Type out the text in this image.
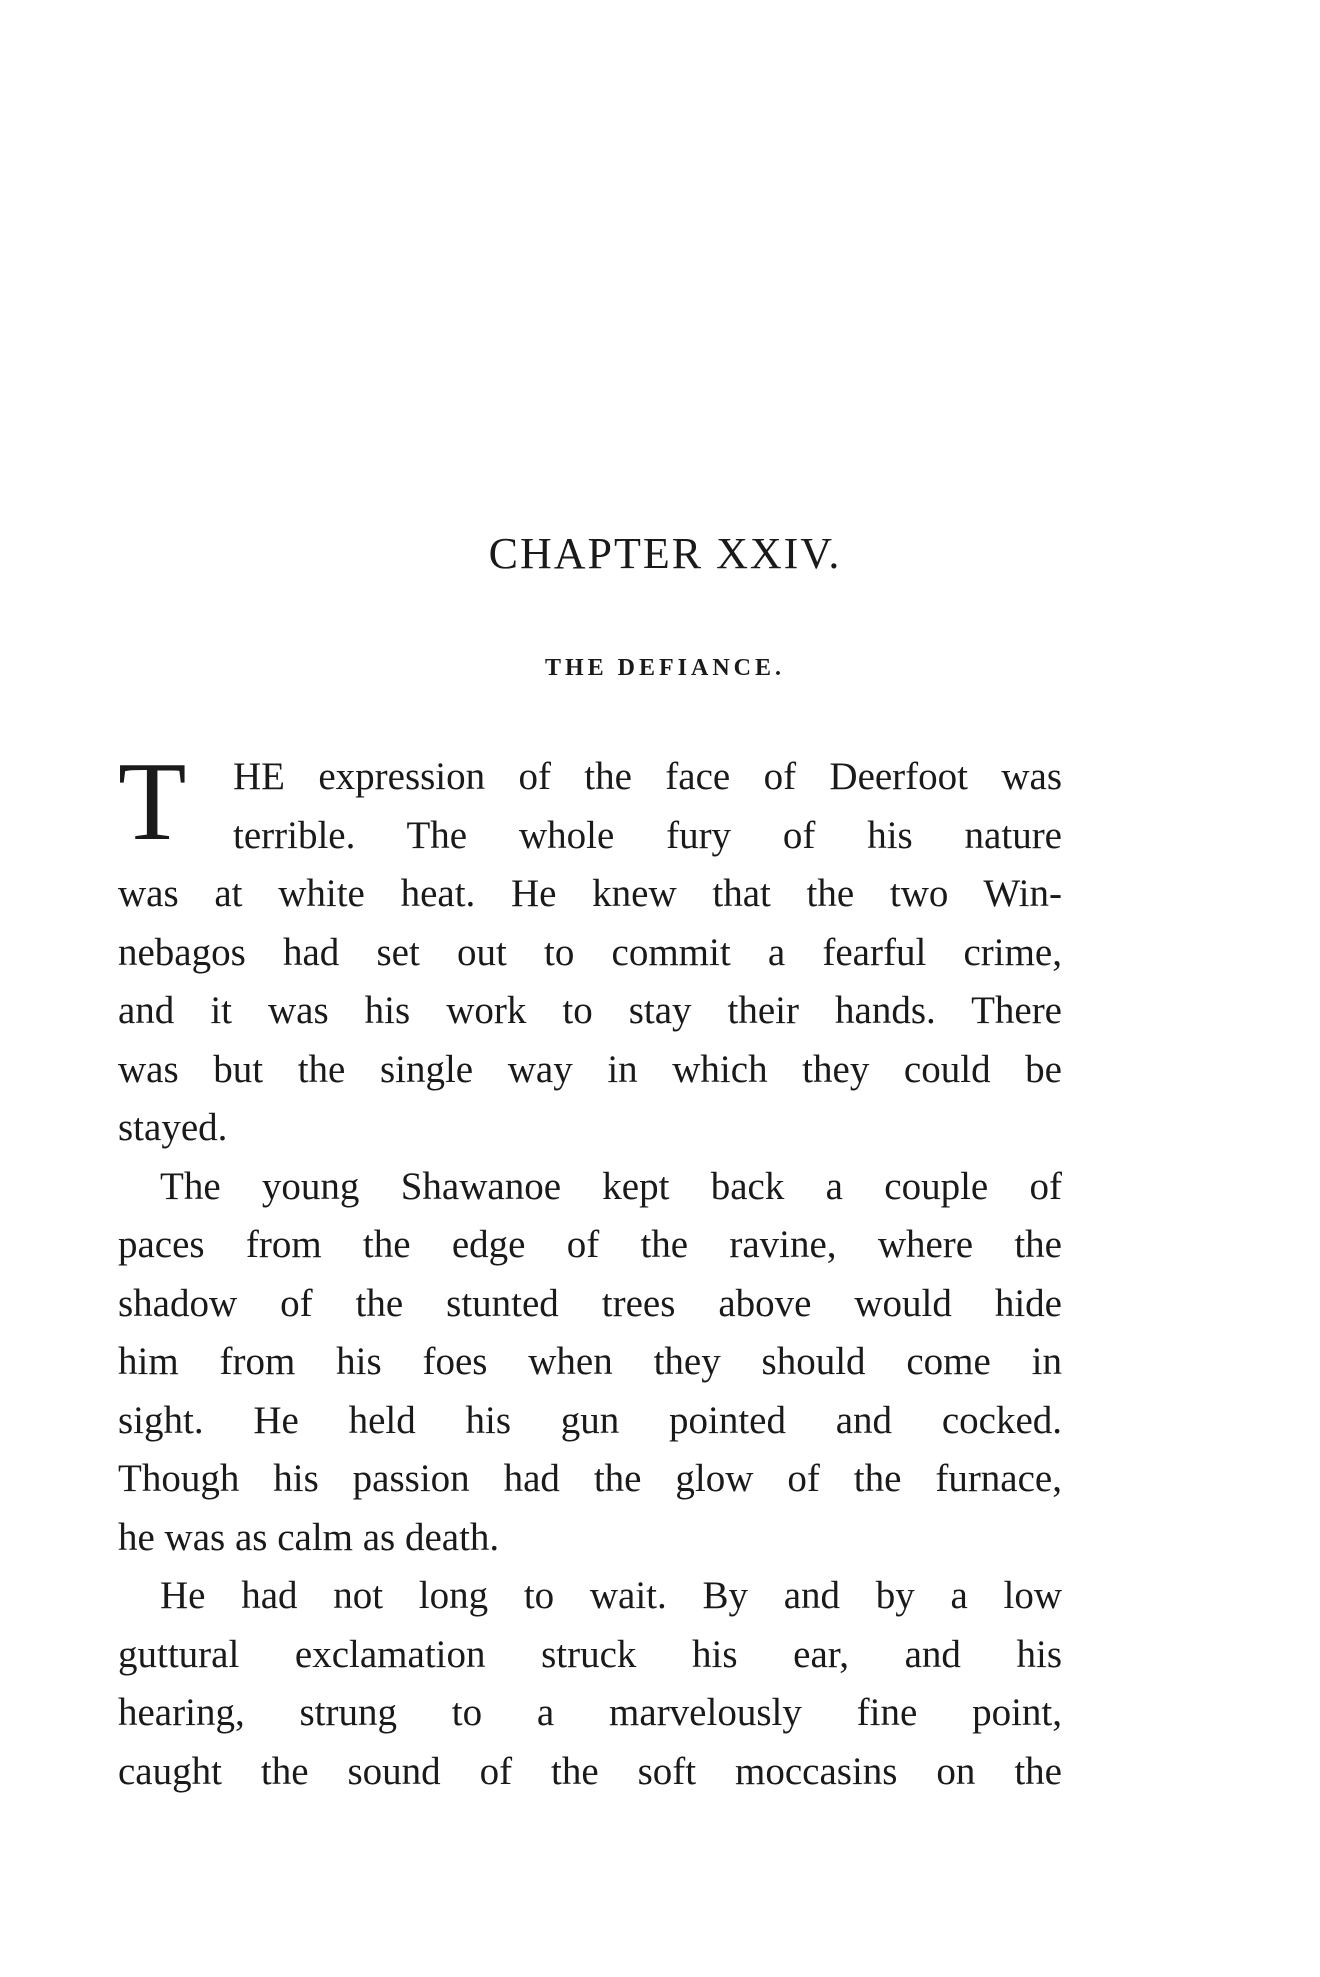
CHAPTER XXIV.
THE DEFIANCE.
T	HE expression of the face of Deerfoot was
terrible. The whole fury of his nature
was at white heat. He knew that the two Win-
nebagos had set out to commit a fearful crime,
and it was his work to stay their hands. There
was but the single way in which they could be
stayed.
The young Shawanoe kept back a couple of
paces from the edge of the ravine, where the
shadow of the stunted trees above would hide
him from his foes when they should come in
sight. He held his gun pointed and cocked.
Though his passion had the glow of the furnace,
he was as calm as death.
He had not long to wait. By and by a low
guttural exclamation struck his ear, and his
hearing, strung to a marvelously fine point,
caught the sound of the soft moccasins on the
